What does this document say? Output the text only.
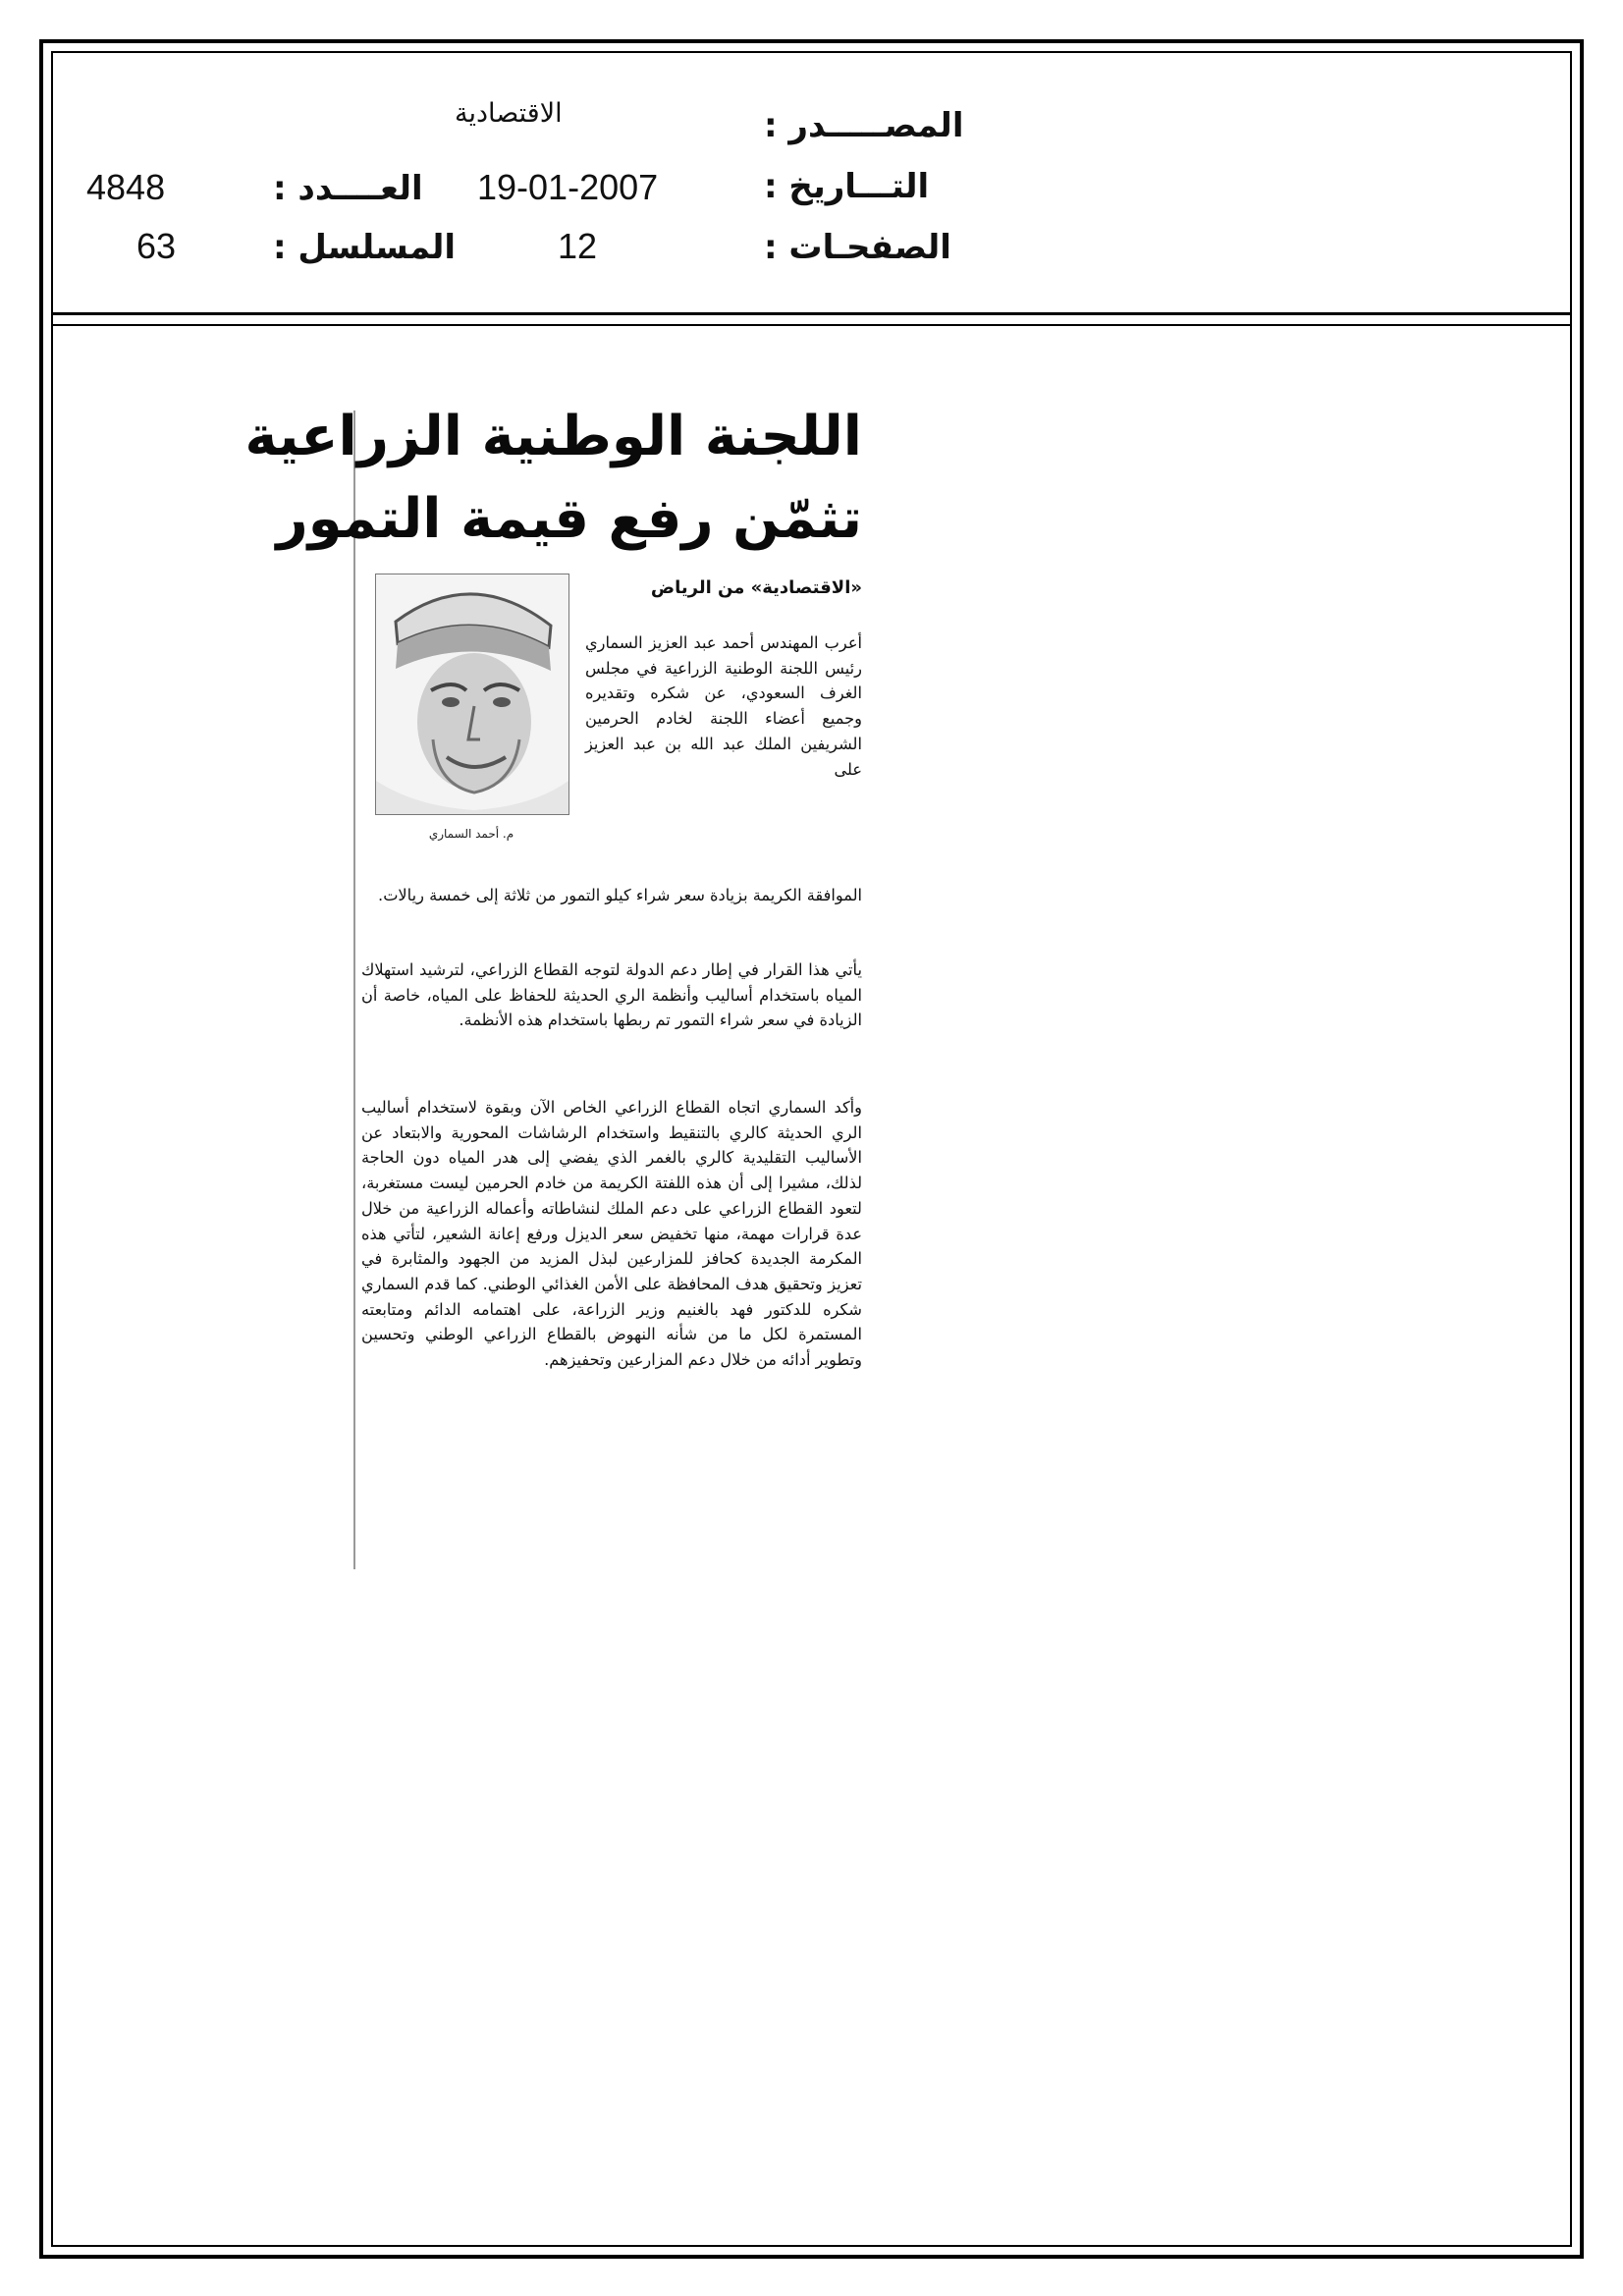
الاقتصادية	المصـــــدر :
4848	العــــدد : 19-01-2007	التـــاريخ :
63	المسلسل :	12	الصفحـات :
اللجنة الوطنية الزراعية
تثمّن رفع قيمة التمور
«الاقتصادية» من الرياض
م. أحمد السماري
أعرب المهندس أحمد عبد العزيز السماري رئيس اللجنة الوطنية الزراعية في مجلس الغرف السعودي، عن شكره وتقديره وجميع أعضاء اللجنة لخادم الحرمين الشريفين الملك عبد الله بن عبد العزيز على
الموافقة الكريمة بزيادة سعر شراء كيلو التمور من ثلاثة إلى خمسة ريالات.
يأتي هذا القرار في إطار دعم الدولة لتوجه القطاع الزراعي، لترشيد استهلاك المياه باستخدام أساليب وأنظمة الري الحديثة للحفاظ على المياه، خاصة أن الزيادة في سعر شراء التمور تم ربطها باستخدام هذه الأنظمة.
وأكد السماري اتجاه القطاع الزراعي الخاص الآن وبقوة لاستخدام أساليب الري الحديثة كالري بالتنقيط واستخدام الرشاشات المحورية والابتعاد عن الأساليب التقليدية كالري بالغمر الذي يفضي إلى هدر المياه دون الحاجة لذلك، مشيرا إلى أن هذه اللفتة الكريمة من خادم الحرمين ليست مستغربة، لتعود القطاع الزراعي على دعم الملك لنشاطاته وأعماله الزراعية من خلال عدة قرارات مهمة، منها تخفيض سعر الديزل ورفع إعانة الشعير، لتأتي هذه المكرمة الجديدة كحافز للمزارعين لبذل المزيد من الجهود والمثابرة في تعزيز وتحقيق هدف المحافظة على الأمن الغذائي الوطني. كما قدم السماري شكره للدكتور فهد بالغنيم وزير الزراعة، على اهتمامه الدائم ومتابعته المستمرة لكل ما من شأنه النهوض بالقطاع الزراعي الوطني وتحسين وتطوير أدائه من خلال دعم المزارعين وتحفيزهم.
